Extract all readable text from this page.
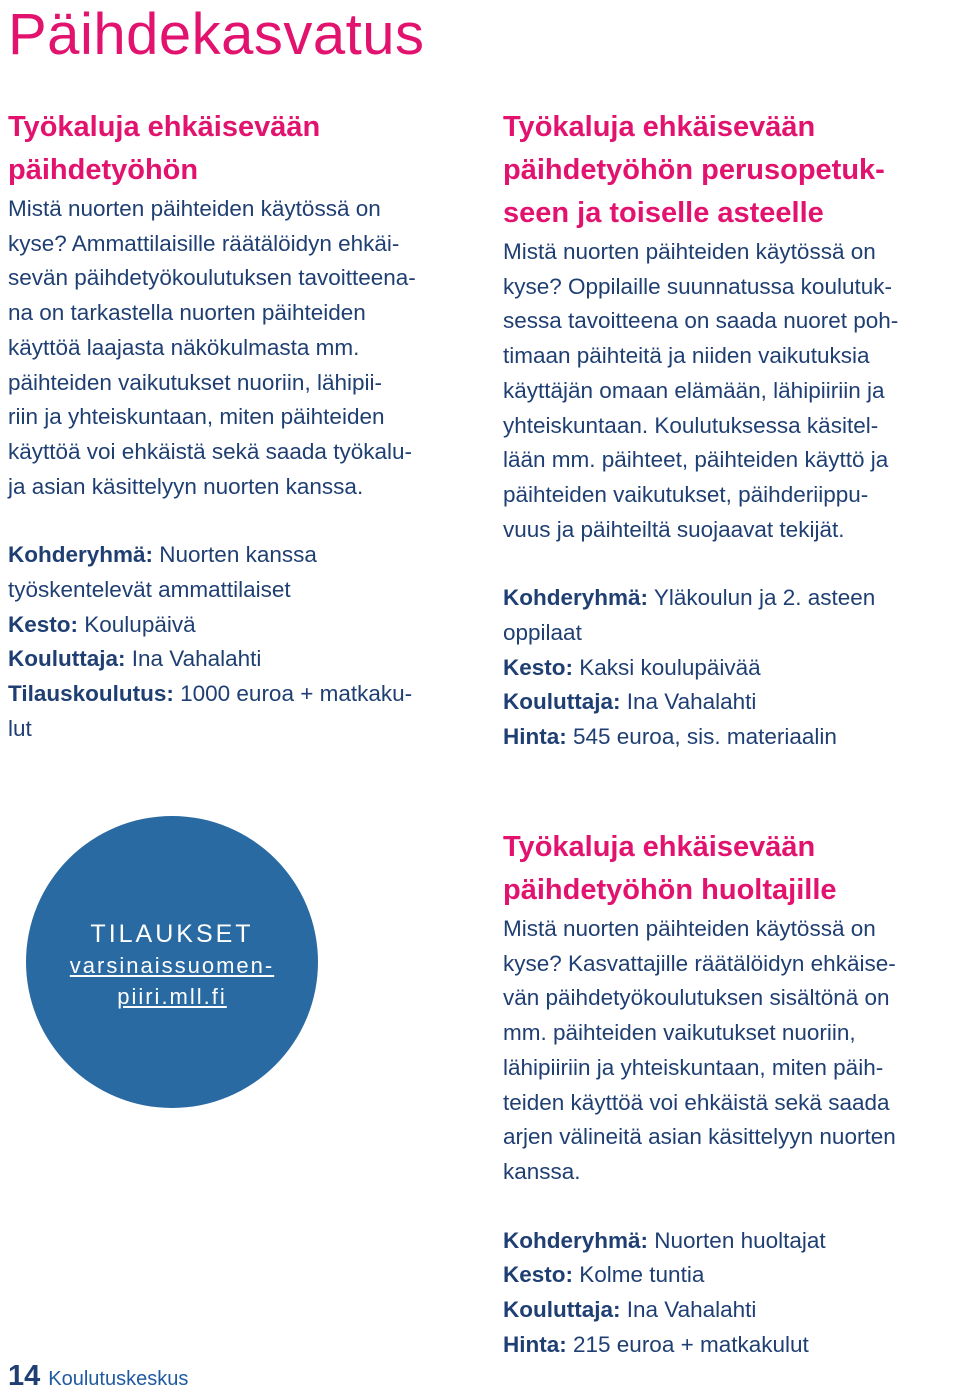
Päihdekasvatus
Työkaluja ehkäisevään
päihdetyöhön

Mistä nuorten päihteiden käytössä on
kyse? Ammattilaisille räätälöidyn ehkäi-
sevän päihdetyökoulutuksen tavoitteena-
na on tarkastella nuorten päihteiden
käyttöä laajasta näkökulmasta mm.
päihteiden vaikutukset nuoriin, lähipii-
riin ja yhteiskuntaan, miten päihteiden
käyttöä voi ehkäistä sekä saada työkalu-
ja asian käsittelyyn nuorten kanssa.

Kohderyhmä: Nuorten kanssa
työskentelevät ammattilaiset
Kesto: Koulupäivä
Kouluttaja: Ina Vahalahti
Tilauskoulutus: 1000 euroa + matkaku-
lut
Työkaluja ehkäisevään
päihdetyöhön perusopetuk-
seen ja toiselle asteelle

Mistä nuorten päihteiden käytössä on
kyse? Oppilaille suunnatussa koulutuk-
sessa tavoitteena on saada nuoret poh-
timaan päihteitä ja niiden vaikutuksia
käyttäjän omaan elämään, lähipiiriin ja
yhteiskuntaan. Koulutuksessa käsitel-
lään mm. päihteet, päihteiden käyttö ja
päihteiden vaikutukset, päihderiippu-
vuus ja päihteiltä suojaavat tekijät.

Kohderyhmä: Yläkoulun ja 2. asteen
oppilaat
Kesto: Kaksi koulupäivää
Kouluttaja: Ina Vahalahti
Hinta: 545 euroa, sis. materiaalin
TILAUKSET
varsinaissuomen-
piiri.mll.fi
Työkaluja ehkäisevään
päihdetyöhön huoltajille

Mistä nuorten päihteiden käytössä on
kyse? Kasvattajille räätälöidyn ehkäise-
vän päihdetyökoulutuksen sisältönä on
mm. päihteiden vaikutukset nuoriin,
lähipiiriin ja yhteiskuntaan, miten päih-
teiden käyttöä voi ehkäistä sekä saada
arjen välineitä asian käsittelyyn nuorten
kanssa.

Kohderyhmä: Nuorten huoltajat
Kesto: Kolme tuntia
Kouluttaja: Ina Vahalahti
Hinta: 215 euroa + matkakulut
14 Koulutuskeskus
